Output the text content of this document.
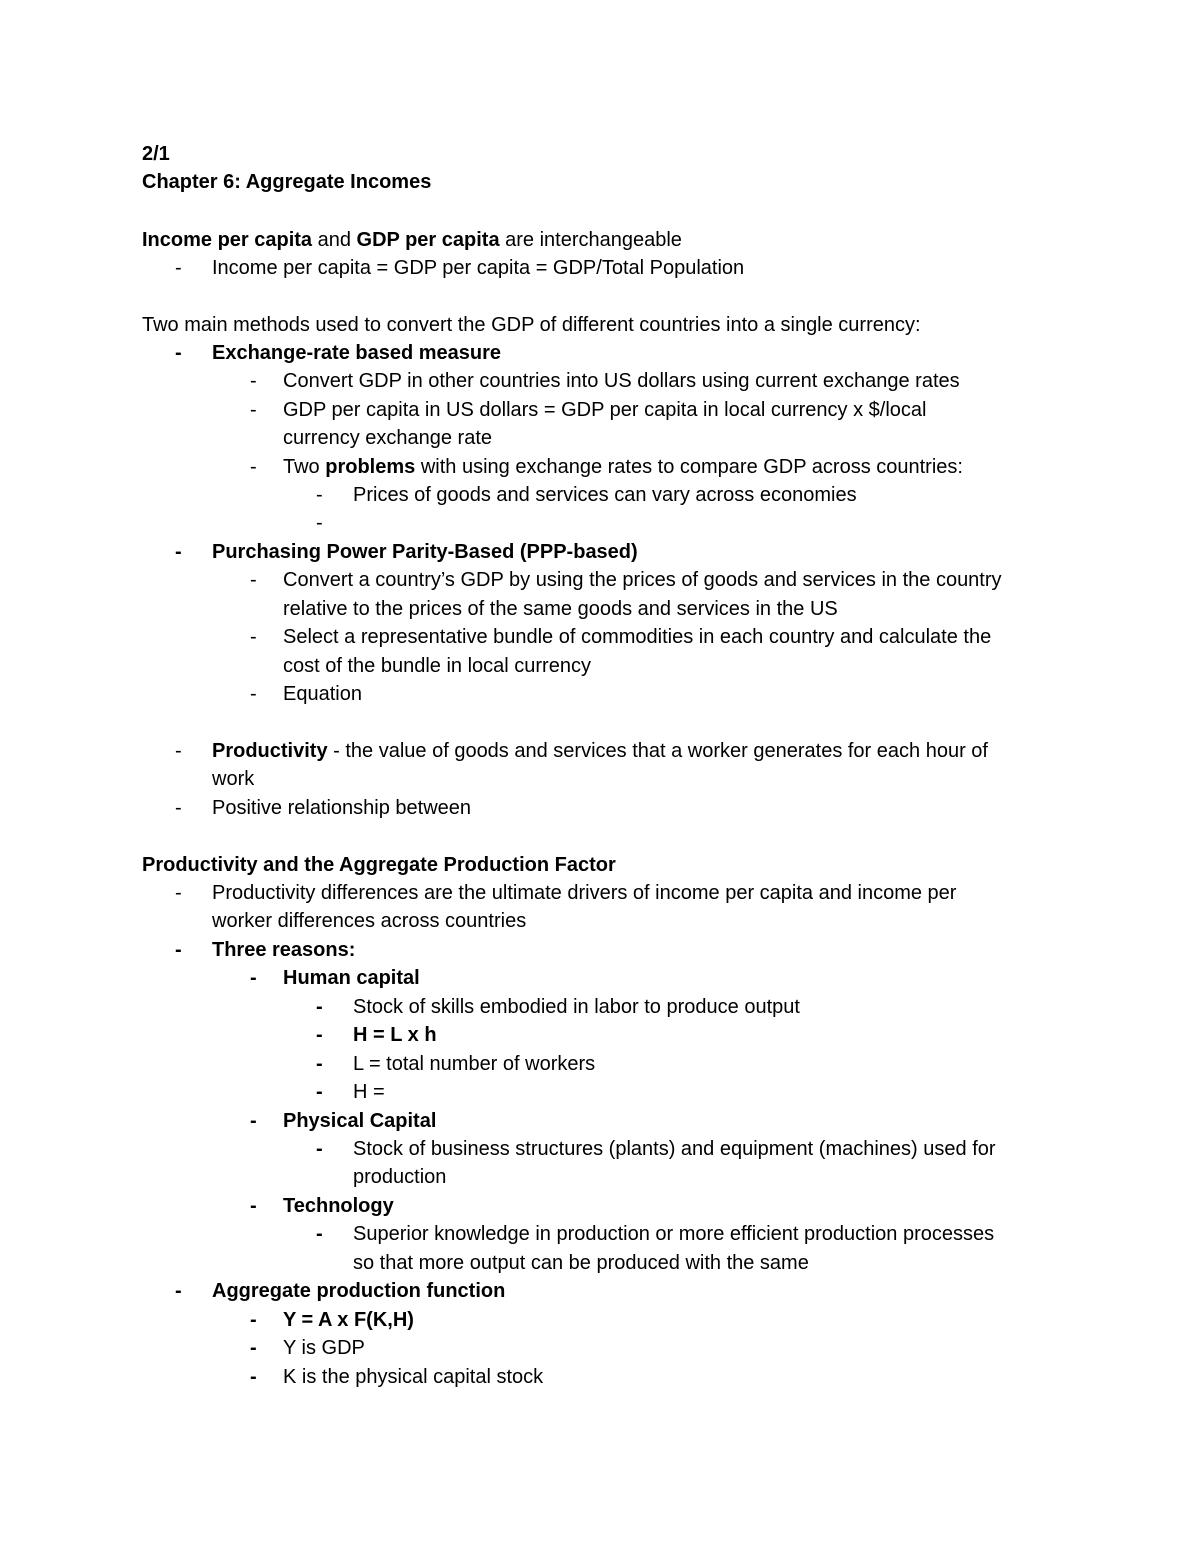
2/1
Chapter 6: Aggregate Incomes
Income per capita and GDP per capita are interchangeable
- Income per capita = GDP per capita = GDP/Total Population
Two main methods used to convert the GDP of different countries into a single currency:
- Exchange-rate based measure
- Convert GDP in other countries into US dollars using current exchange rates
- GDP per capita in US dollars = GDP per capita in local currency x $/local
currency exchange rate
- Two problems with using exchange rates to compare GDP across countries:
- Prices of goods and services can vary across economies
-
- Purchasing Power Parity-Based (PPP-based)
- Convert a country’s GDP by using the prices of goods and services in the country
relative to the prices of the same goods and services in the US
- Select a representative bundle of commodities in each country and calculate the
cost of the bundle in local currency
- Equation
- Productivity - the value of goods and services that a worker generates for each hour of
work
- Positive relationship between
Productivity and the Aggregate Production Factor
- Productivity differences are the ultimate drivers of income per capita and income per
worker differences across countries
- Three reasons:
- Human capital
- Stock of skills embodied in labor to produce output
- H = L x h
- L = total number of workers
- H =
- Physical Capital
- Stock of business structures (plants) and equipment (machines) used for
production
- Technology
- Superior knowledge in production or more efficient production processes
so that more output can be produced with the same
- Aggregate production function
- Y = A x F(K,H)
- Y is GDP
- K is the physical capital stock
